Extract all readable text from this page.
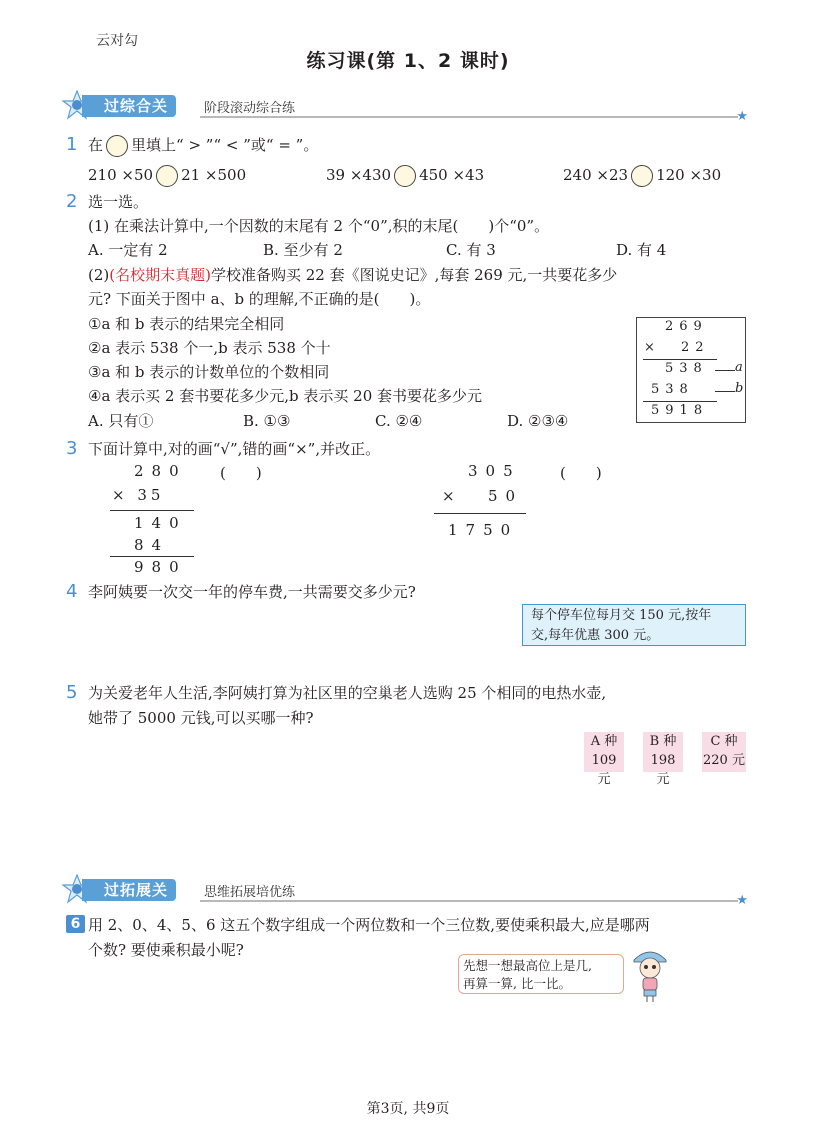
云对勾
练习课(第 1、2 课时)
过综合关	阶段滚动综合练
★
1 在 里填上“ > ”“ < ”或“ = ”。
210 ×50 21 ×500	39 ×430 450 ×43	240 ×23 120 ×30
2 选一选。
(1) 在乘法计算中,一个因数的末尾有 2 个“0”,积的末尾(　　)个“0”。
A. 一定有 2	B. 至少有 2	C. 有 3	D. 有 4
(2)(名校期末真题)学校准备购买 22 套《图说史记》,每套 269 元,一共要花多少
元? 下面关于图中 a、b 的理解,不正确的是(　　)。
①a 和 b 表示的结果完全相同
②a 表示 538 个一,b 表示 538 个十
③a 和 b 表示的计数单位的个数相同
④a 表示买 2 套书要花多少元,b 表示买 20 套书要花多少元
A. 只有①	B. ①③	C. ②④	D. ②③④
269
× 22
538 a
538	b
5918
3 下面计算中,对的画“√”,错的画“×”,并改正。
280 (　　)
× 35
140
84
980
305	(　　)
× 50
1750
4 李阿姨要一次交一年的停车费,一共需要交多少元?
每个停车位每月交 150 元,按年
交,每年优惠 300 元。
5 为关爱老年人生活,李阿姨打算为社区里的空巢老人选购 25 个相同的电热水壶,
她带了 5000 元钱,可以买哪一种?
A 种
109 元
B 种
198 元
C 种
220 元
过拓展关	思维拓展培优练
★
6 用 2、0、4、5、6 这五个数字组成一个两位数和一个三位数,要使乘积最大,应是哪两
个数? 要使乘积最小呢?
先想一想最高位上是几,
再算一算, 比一比。
第3页, 共9页
